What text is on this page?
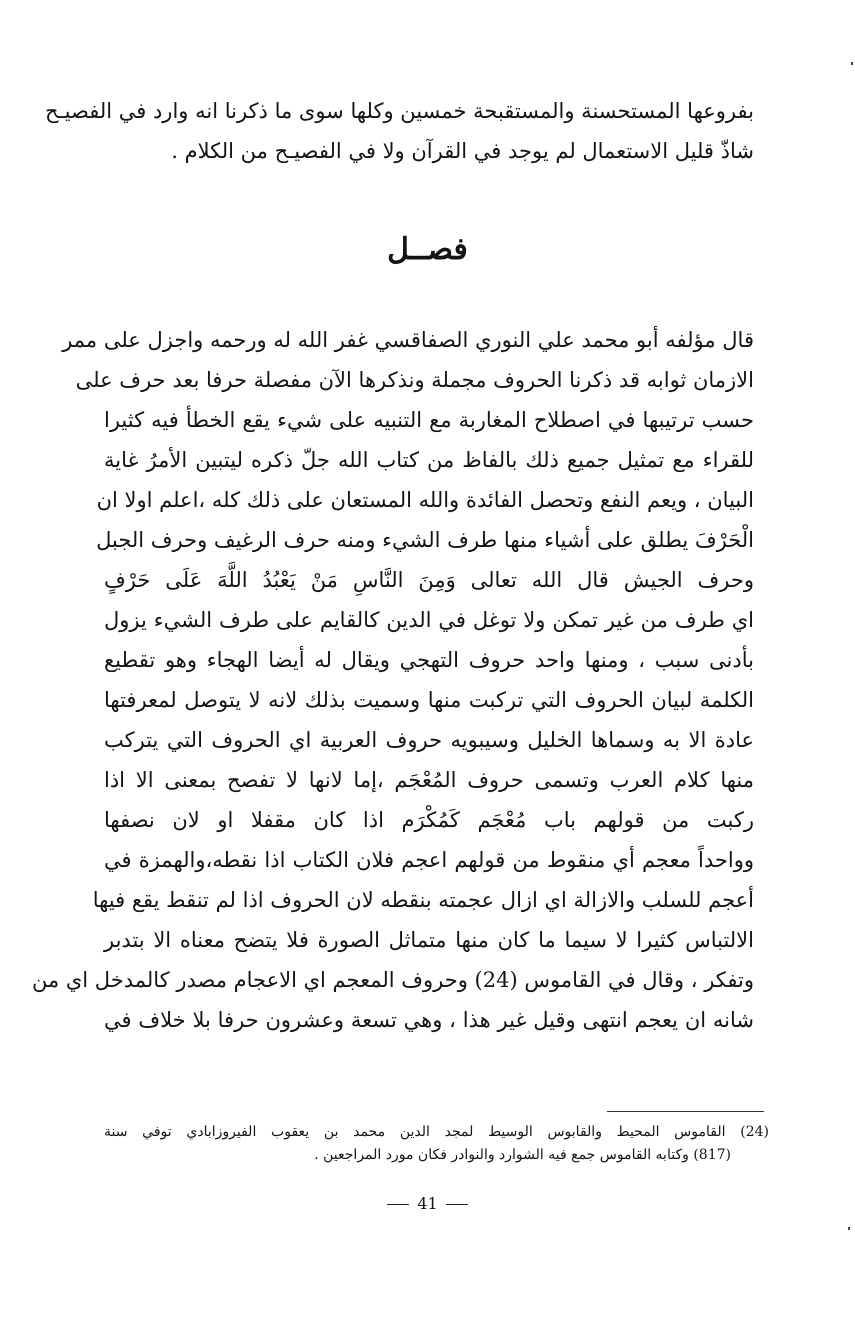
بفروعها المستحسنة والمستقبحة خمسين وكلها سوى ما ذكرنا انه وارد في الفصيـح
شاذّ قليل الاستعمال لم يوجد في القرآن ولا في الفصيـح من الكلام .
فصــل
قال مؤلفه أبو محمد علي النوري الصفاقسي غفر الله له ورحمه واجزل على ممر
الازمان ثوابه قد ذكرنا الحروف مجملة ونذكرها الآن مفصلة حرفا بعد حرف على
حسب ترتيبها في اصطلاح المغاربة مع التنبيه على شيء يقع الخطأ فيه كثيرا
للقراء مع تمثيل جميع ذلك بالفاظ من كتاب الله جلّ ذكره ليتبين الأمرُ غاية
البيان ، ويعم النفع وتحصل الفائدة والله المستعان على ذلك كله ،اعلم اولا ان
الْحَرْفَ يطلق على أشياء منها طرف الشيء ومنه حرف الرغيف وحرف الجبل
وحرف الجيش قال الله تعالى وَمِنَ النَّاسِ مَنْ يَعْبُدُ اللَّهَ عَلَى حَرْفٍ
اي طرف من غير تمكن ولا توغل في الدين كالقايم على طرف الشيء يزول
بأدنى سبب ، ومنها واحد حروف التهجي ويقال له أيضا الهجاء وهو تقطيع
الكلمة لبيان الحروف التي تركبت منها وسميت بذلك لانه لا يتوصل لمعرفتها
عادة الا به وسماها الخليل وسيبويه حروف العربية اي الحروف التي يتركب
منها كلام العرب وتسمى حروف المُعْجَم ،إما لانها لا تفصح بمعنى الا اذا
ركبت من قولهم باب مُعْجَم كَمُكْرَم اذا كان مقفلا او لان نصفها
وواحداً معجم أي منقوط من قولهم اعجم فلان الكتاب اذا نقطه،والهمزة في
أعجم للسلب والازالة اي ازال عجمته بنقطه لان الحروف اذا لم تنقط يقع فيها
الالتباس كثيرا لا سيما ما كان منها متماثل الصورة فلا يتضح معناه الا بتدبر
وتفكر ، وقال في القاموس (24) وحروف المعجم اي الاعجام مصدر كالمدخل اي من
شانه ان يعجم انتهى وقيل غير هذا ، وهي تسعة وعشرون حرفا بلا خلاف في
(24) القاموس المحيط والقابوس الوسيط لمجد الدين محمد بن يعقوب الفيروزابادي توفي سنة
(817) وكتابه القاموس جمع فيه الشوارد والنوادر فكان مورد المراجعين .
41
